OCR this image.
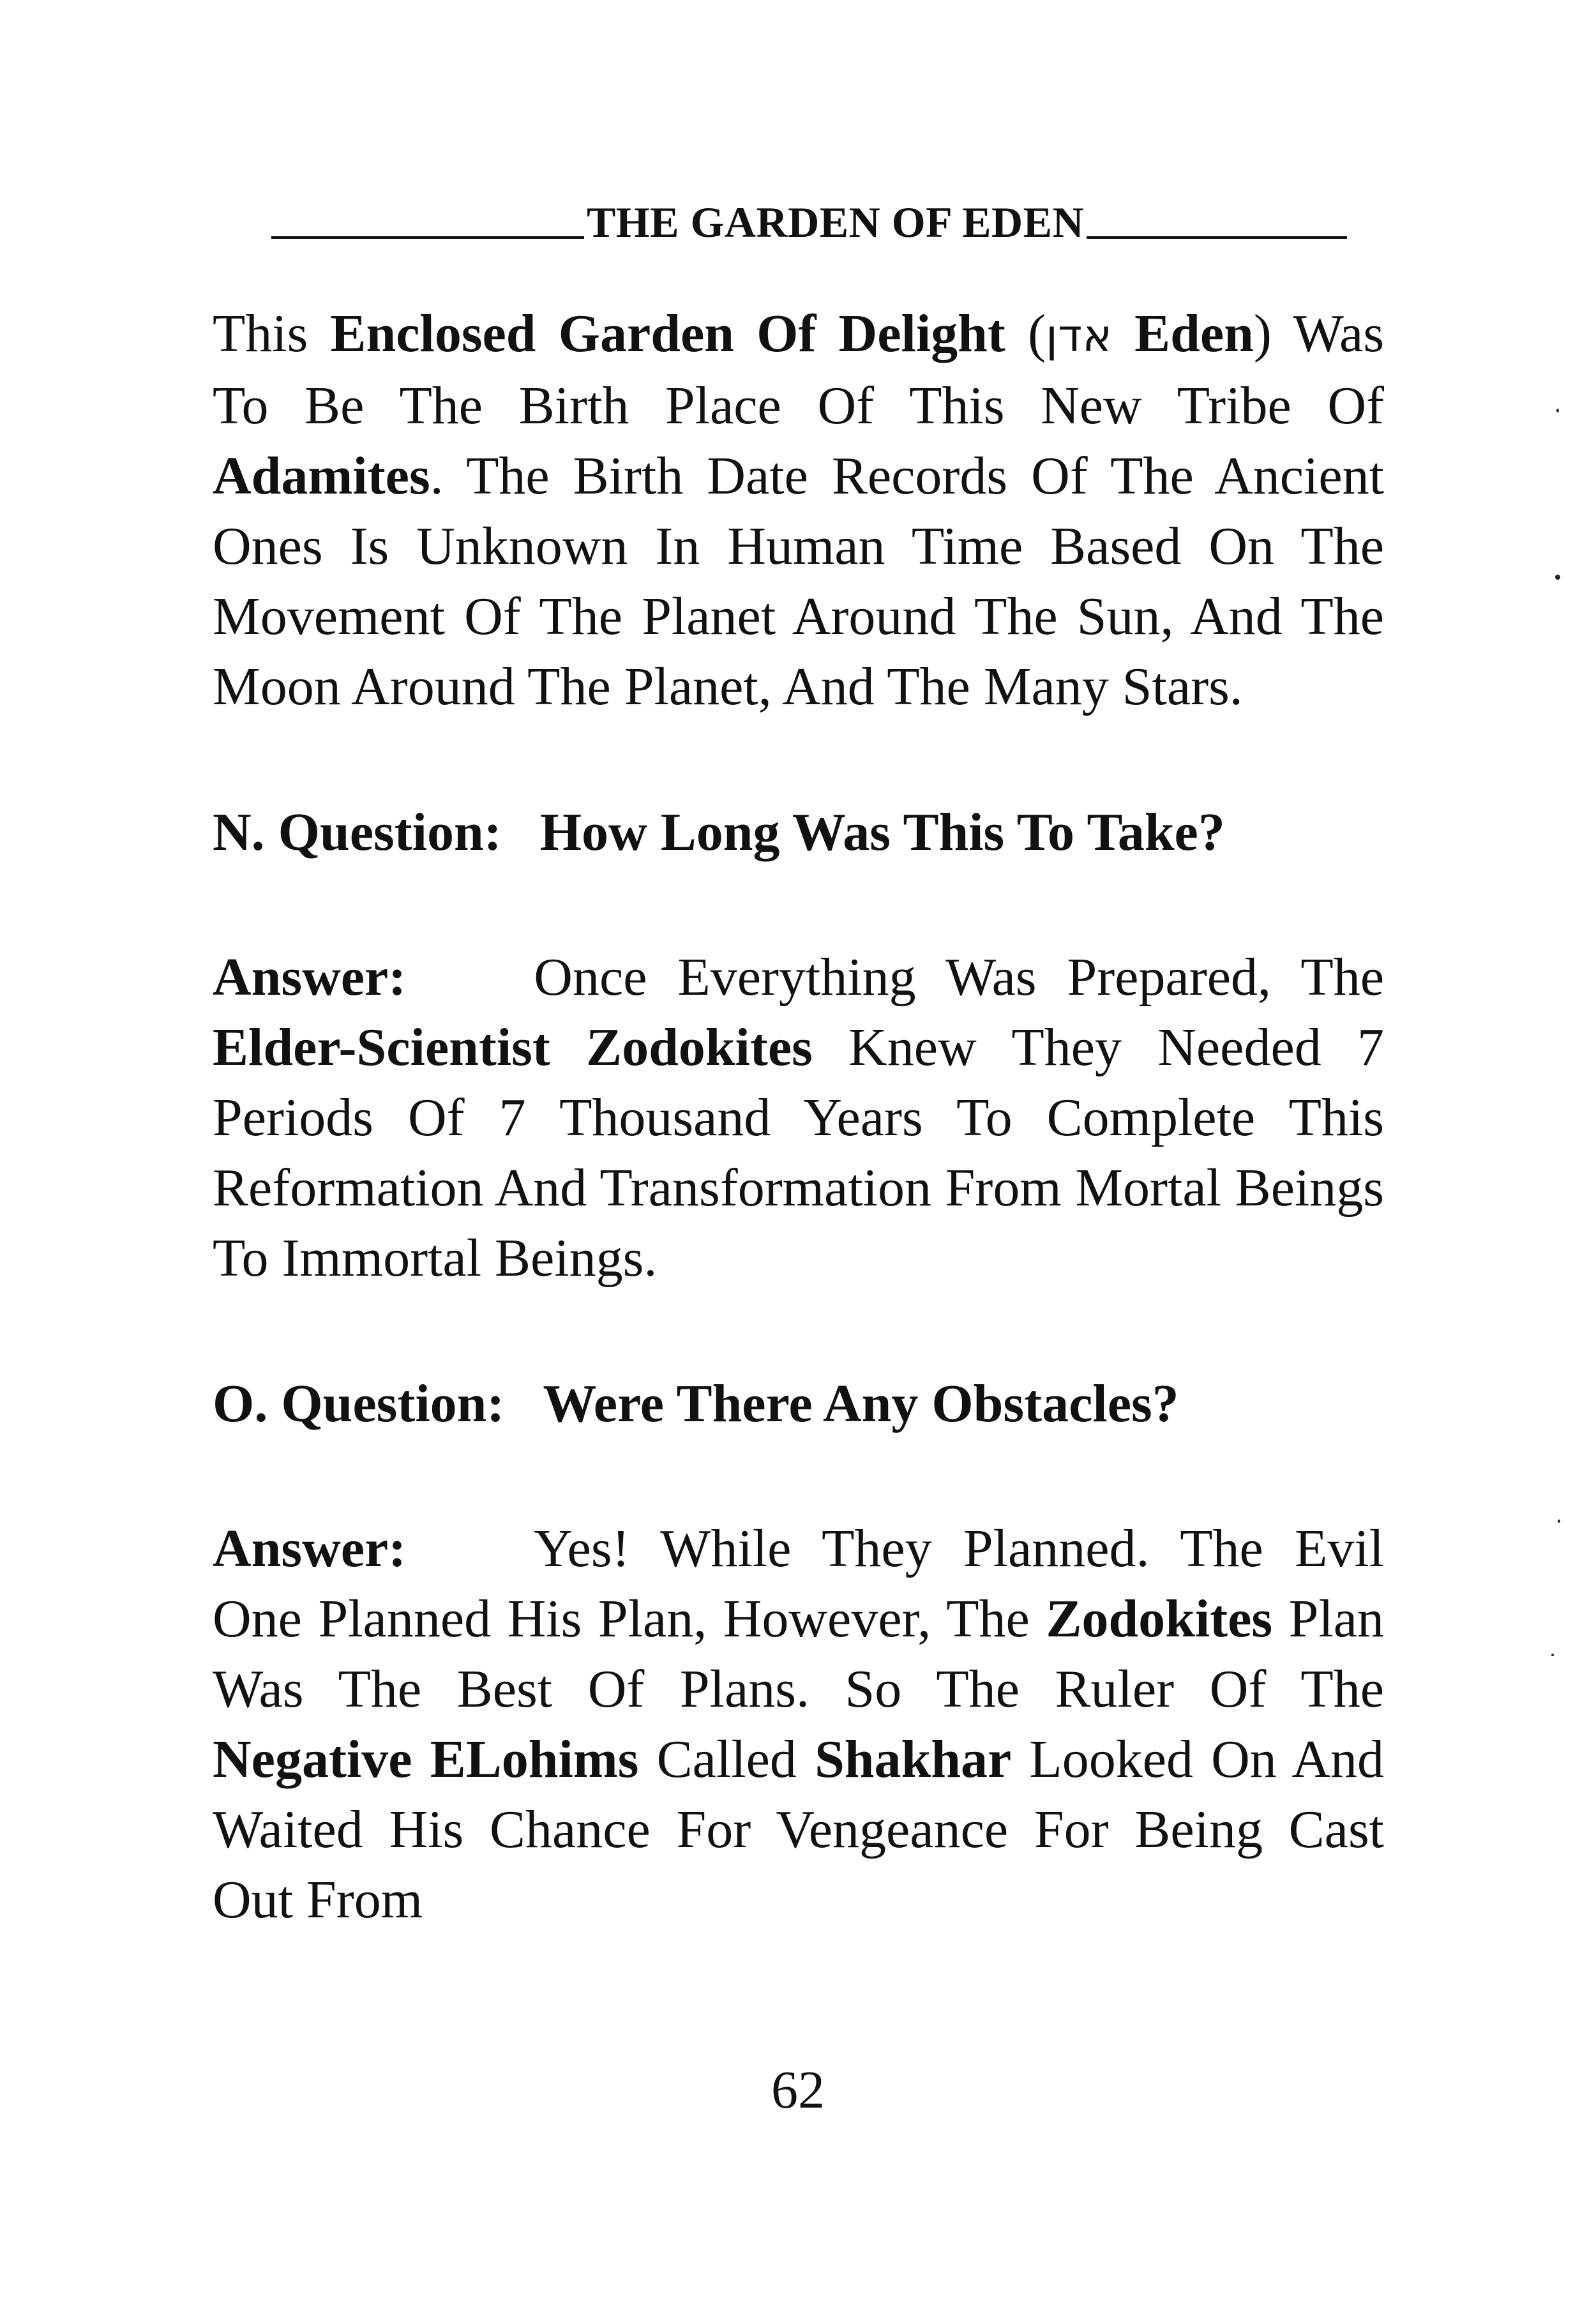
THE GARDEN OF EDEN

This Enclosed Garden Of Delight (אדן Eden) Was To Be The Birth Place Of This New Tribe Of Adamites. The Birth Date Records Of The Ancient Ones Is Unknown In Human Time Based On The Movement Of The Planet Around The Sun, And The Moon Around The Planet, And The Many Stars.

N. Question: How Long Was This To Take?

Answer: Once Everything Was Prepared, The Elder-Scientist Zodokites Knew They Needed 7 Periods Of 7 Thousand Years To Complete This Reformation And Transformation From Mortal Beings To Immortal Beings.

O. Question: Were There Any Obstacles?

Answer: Yes! While They Planned. The Evil One Planned His Plan, However, The Zodokites Plan Was The Best Of Plans. So The Ruler Of The Negative ELohims Called Shakhar Looked On And Waited His Chance For Vengeance For Being Cast Out From

62
